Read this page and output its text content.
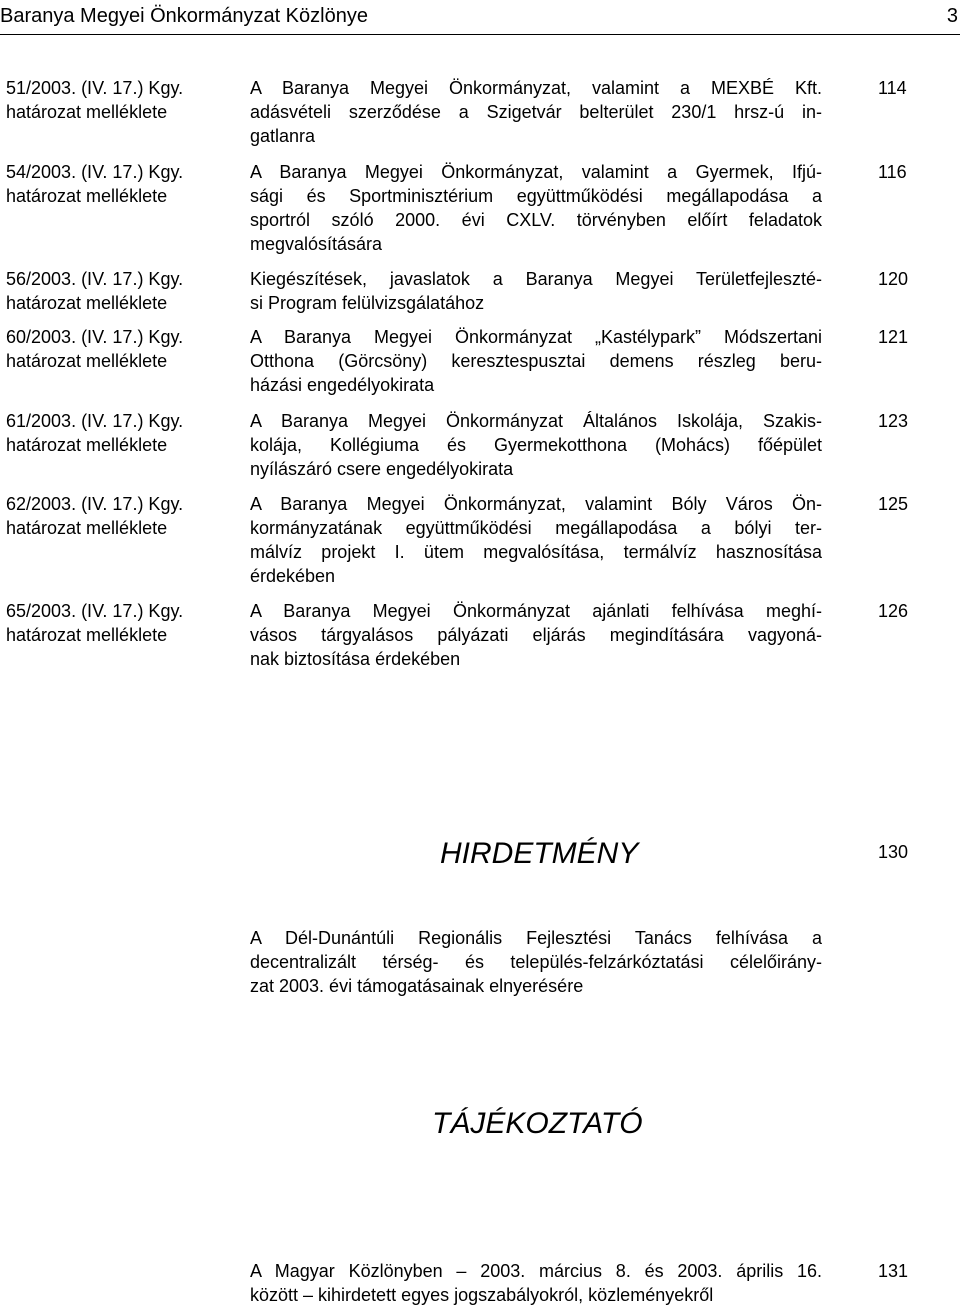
Baranya Megyei Önkormányzat Közlönye	3
51/2003. (IV. 17.) Kgy.
határozat melléklete
A Baranya Megyei Önkormányzat, valamint a MEXBÉ Kft.
adásvételi szerződése a Szigetvár belterület 230/1 hrsz-ú in-
gatlanra
114
54/2003. (IV. 17.) Kgy.
határozat melléklete
A Baranya Megyei Önkormányzat, valamint a Gyermek, Ifjú-
sági és Sportminisztérium együttműködési megállapodása a
sportról szóló 2000. évi CXLV. törvényben előírt feladatok
megvalósítására
116
56/2003. (IV. 17.) Kgy.
határozat melléklete
Kiegészítések, javaslatok a Baranya Megyei Területfejleszté-
si Program felülvizsgálatához
120
60/2003. (IV. 17.) Kgy.
határozat melléklete
A Baranya Megyei Önkormányzat „Kastélypark” Módszertani
Otthona (Görcsöny) keresztespusztai demens részleg beru-
házási engedélyokirata
121
61/2003. (IV. 17.) Kgy.
határozat melléklete
A Baranya Megyei Önkormányzat Általános Iskolája, Szakis-
kolája, Kollégiuma és Gyermekotthona (Mohács) főépület
nyílászáró csere engedélyokirata
123
62/2003. (IV. 17.) Kgy.
határozat melléklete
A Baranya Megyei Önkormányzat, valamint Bóly Város Ön-
kormányzatának együttműködési megállapodása a bólyi ter-
málvíz projekt I. ütem megvalósítása, termálvíz hasznosítása
érdekében
125
65/2003. (IV. 17.) Kgy.
határozat melléklete
A Baranya Megyei Önkormányzat ajánlati felhívása meghí-
vásos tárgyalásos pályázati eljárás megindítására vagyoná-
nak biztosítása érdekében
126
HIRDETMÉNY	130
A Dél-Dunántúli Regionális Fejlesztési Tanács felhívása a
decentralizált térség- és település-felzárkóztatási célelőirány-
zat 2003. évi támogatásainak elnyerésére
TÁJÉKOZTATÓ
131
A Magyar Közlönyben – 2003. március 8. és 2003. április 16.
között – kihirdetett egyes jogszabályokról, közleményekről
